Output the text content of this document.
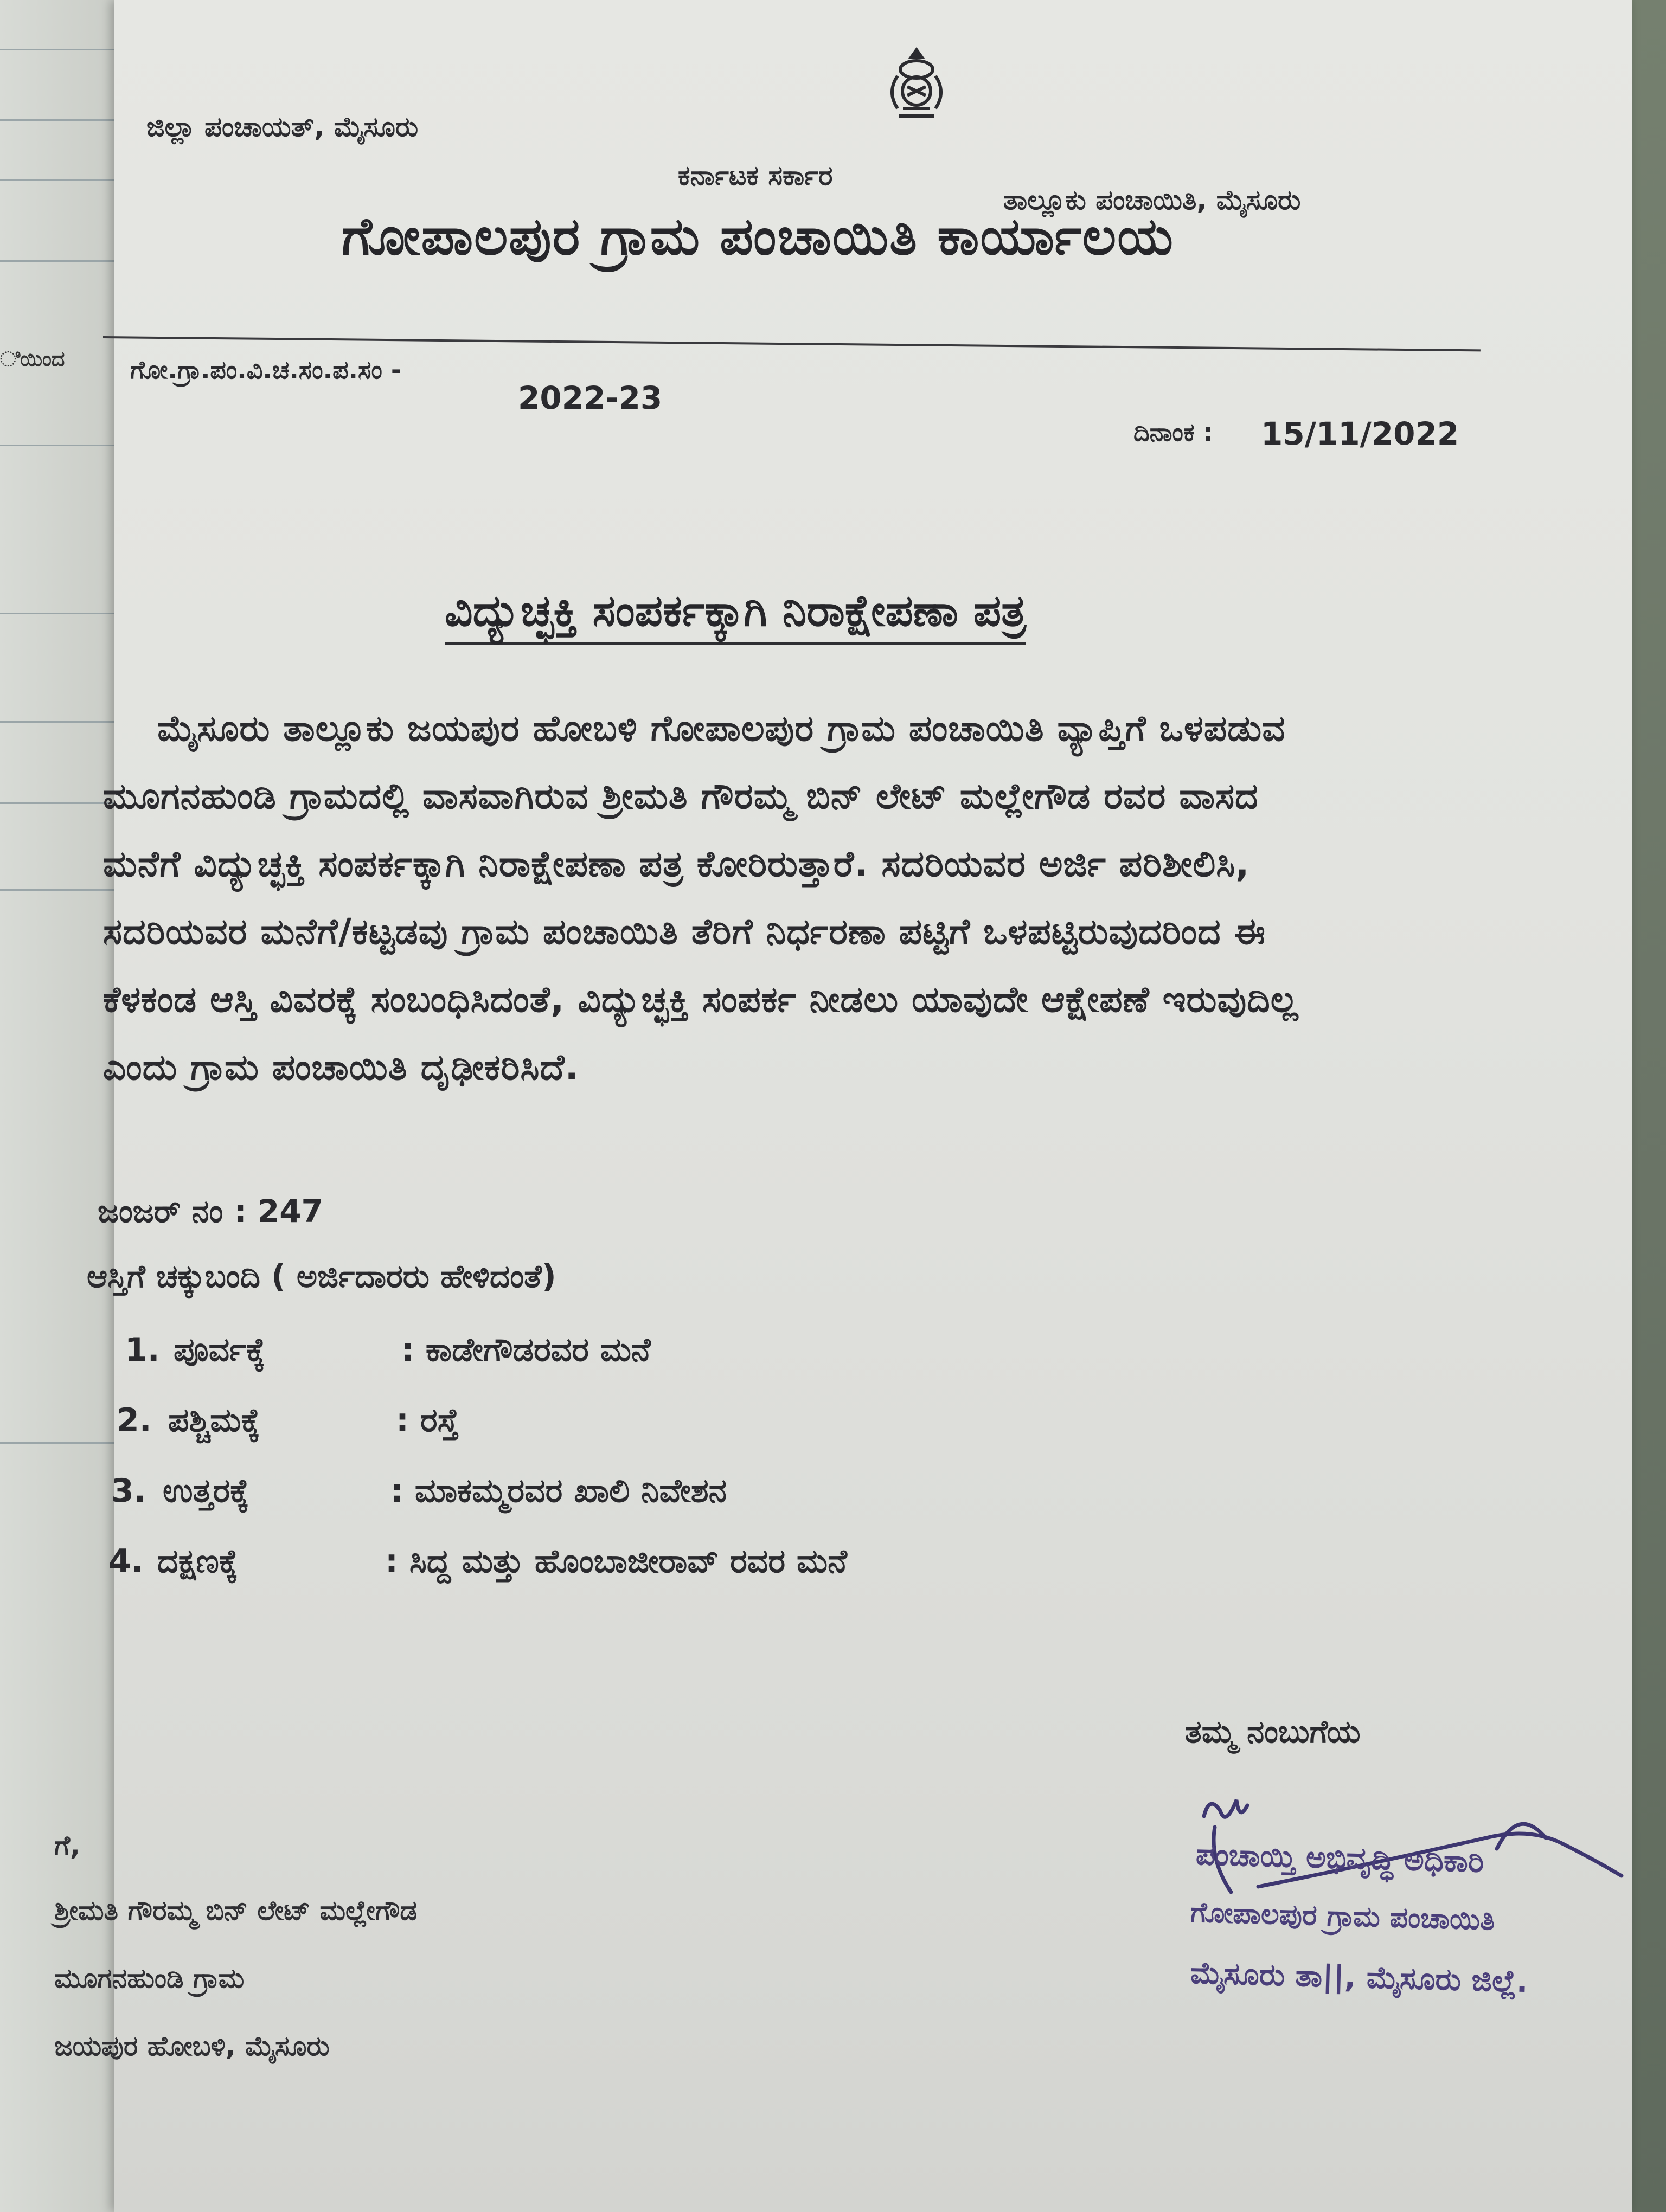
ಿಯಿಂದ
ಜಿಲ್ಲಾ ಪಂಚಾಯತ್, ಮೈಸೂರು
ಕರ್ನಾಟಕ ಸರ್ಕಾರ
ತಾಲ್ಲೂಕು ಪಂಚಾಯಿತಿ, ಮೈಸೂರು
ಗೋಪಾಲಪುರ ಗ್ರಾಮ ಪಂಚಾಯಿತಿ ಕಾರ್ಯಾಲಯ
ಗೋ.ಗ್ರಾ.ಪಂ.ವಿ.ಚ.ಸಂ.ಪ.ಸಂ -
2022-23
ದಿನಾಂಕ : 15/11/2022
ವಿದ್ಯುಚ್ಛಕ್ತಿ ಸಂಪರ್ಕಕ್ಕಾಗಿ ನಿರಾಕ್ಷೇಪಣಾ ಪತ್ರ
ಮೈಸೂರು ತಾಲ್ಲೂಕು ಜಯಪುರ ಹೋಬಳಿ ಗೋಪಾಲಪುರ ಗ್ರಾಮ ಪಂಚಾಯಿತಿ ವ್ಯಾಪ್ತಿಗೆ ಒಳಪಡುವ
ಮೂಗನಹುಂಡಿ ಗ್ರಾಮದಲ್ಲಿ ವಾಸವಾಗಿರುವ ಶ್ರೀಮತಿ ಗೌರಮ್ಮ ಬಿನ್ ಲೇಟ್ ಮಲ್ಲೇಗೌಡ ರವರ ವಾಸದ
ಮನೆಗೆ ವಿದ್ಯುಚ್ಛಕ್ತಿ ಸಂಪರ್ಕಕ್ಕಾಗಿ ನಿರಾಕ್ಷೇಪಣಾ ಪತ್ರ ಕೋರಿರುತ್ತಾರೆ. ಸದರಿಯವರ ಅರ್ಜಿ ಪರಿಶೀಲಿಸಿ,
ಸದರಿಯವರ ಮನೆಗೆ/ಕಟ್ಟಡವು ಗ್ರಾಮ ಪಂಚಾಯಿತಿ ತೆರಿಗೆ ನಿರ್ಧರಣಾ ಪಟ್ಟಿಗೆ ಒಳಪಟ್ಟಿರುವುದರಿಂದ ಈ
ಕೆಳಕಂಡ ಆಸ್ತಿ ವಿವರಕ್ಕೆ ಸಂಬಂಧಿಸಿದಂತೆ, ವಿದ್ಯುಚ್ಛಕ್ತಿ ಸಂಪರ್ಕ ನೀಡಲು ಯಾವುದೇ ಆಕ್ಷೇಪಣೆ ಇರುವುದಿಲ್ಲ
ಎಂದು ಗ್ರಾಮ ಪಂಚಾಯಿತಿ ದೃಢೀಕರಿಸಿದೆ.
ಜಂಜರ್ ನಂ : 247
ಆಸ್ತಿಗೆ ಚಕ್ಕುಬಂದಿ ( ಅರ್ಜಿದಾರರು ಹೇಳಿದಂತೆ)
1. ಪೂರ್ವಕ್ಕೆ	: ಕಾಡೇಗೌಡರವರ ಮನೆ
2. ಪಶ್ಚಿಮಕ್ಕೆ	: ರಸ್ತೆ
3. ಉತ್ತರಕ್ಕೆ	: ಮಾಕಮ್ಮರವರ ಖಾಲಿ ನಿವೇಶನ
4. ದಕ್ಷಣಕ್ಕೆ	: ಸಿದ್ದ ಮತ್ತು ಹೊಂಬಾಜೀರಾವ್ ರವರ ಮನೆ
ತಮ್ಮ ನಂಬುಗೆಯ
ಪಂಚಾಯ್ತಿ ಅಭಿವೃದ್ಧಿ ಅಧಿಕಾರಿ
ಗೋಪಾಲಪುರ ಗ್ರಾಮ ಪಂಚಾಯಿತಿ
ಮೈಸೂರು ತಾ||, ಮೈಸೂರು ಜಿಲ್ಲೆ.
ಗೆ,
ಶ್ರೀಮತಿ ಗೌರಮ್ಮ ಬಿನ್ ಲೇಟ್ ಮಲ್ಲೇಗೌಡ
ಮೂಗನಹುಂಡಿ ಗ್ರಾಮ
ಜಯಪುರ ಹೋಬಳಿ, ಮೈಸೂರು
